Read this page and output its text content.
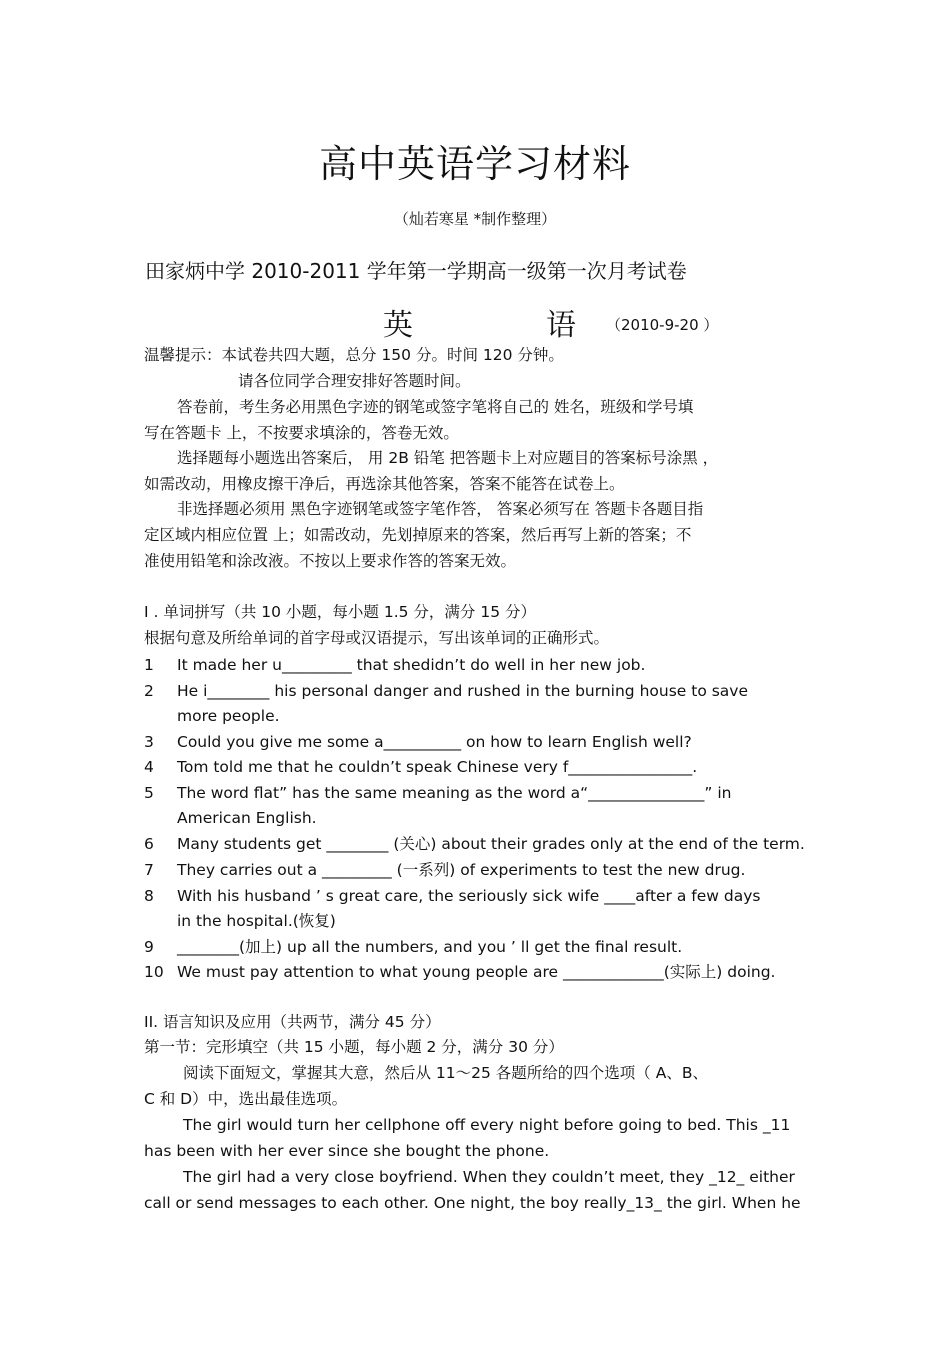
高中英语学习材料
（灿若寒星 *制作整理）
田家炳中学 2010-2011 学年第一学期高一级第一次月考试卷
英	语 （2010-9-20 ）
温馨提示：本试卷共四大题，总分 150 分。时间 120 分钟。
请各位同学合理安排好答题时间。
答卷前，考生务必用黑色字迹的钢笔或签字笔将自己的 姓名，班级和学号填
写在答题卡 上，不按要求填涂的，答卷无效。
选择题每小题选出答案后， 用 2B 铅笔 把答题卡上对应题目的答案标号涂黑 ，
如需改动，用橡皮擦干净后，再选涂其他答案，答案不能答在试卷上。
非选择题必须用 黑色字迹钢笔或签字笔作答， 答案必须写在 答题卡各题目指
定区域内相应位置 上；如需改动，先划掉原来的答案，然后再写上新的答案；不
准使用铅笔和涂改液。不按以上要求作答的答案无效。
I . 单词拼写（共 10 小题，每小题 1.5 分，满分 15 分）
根据句意及所给单词的首字母或汉语提示，写出该单词的正确形式。
1 It made her u_________ that shedidn’t do well in her new job.
2 He i________ his personal danger and rushed in the burning house to save
more people.
3 Could you give me some a__________ on how to learn English well?
4 Tom told me that he couldn’t speak Chinese very f________________.
5 The word flat” has the same meaning as the word a“_______________” in
American English.
6 Many students get ________ (关心) about their grades only at the end of the term.
7 They carries out a _________ (一系列) of experiments to test the new drug.
8 With his husband ’ s great care, the seriously sick wife ____after a few days
in the hospital.(恢复)
9 ________(加上) up all the numbers, and you ’ ll get the final result.
10 We must pay attention to what young people are _____________(实际上) doing.
II. 语言知识及应用（共两节，满分 45 分）
第一节：完形填空（共 15 小题，每小题 2 分，满分 30 分）
阅读下面短文，掌握其大意，然后从 11～25 各题所给的四个选项（ A、B、
C 和 D）中，选出最佳选项。
The girl would turn her cellphone off every night before going to bed. This _11
has been with her ever since she bought the phone.
The girl had a very close boyfriend. When they couldn’t meet, they _12_ either
call or send messages to each other. One night, the boy really_13_ the girl. When he
